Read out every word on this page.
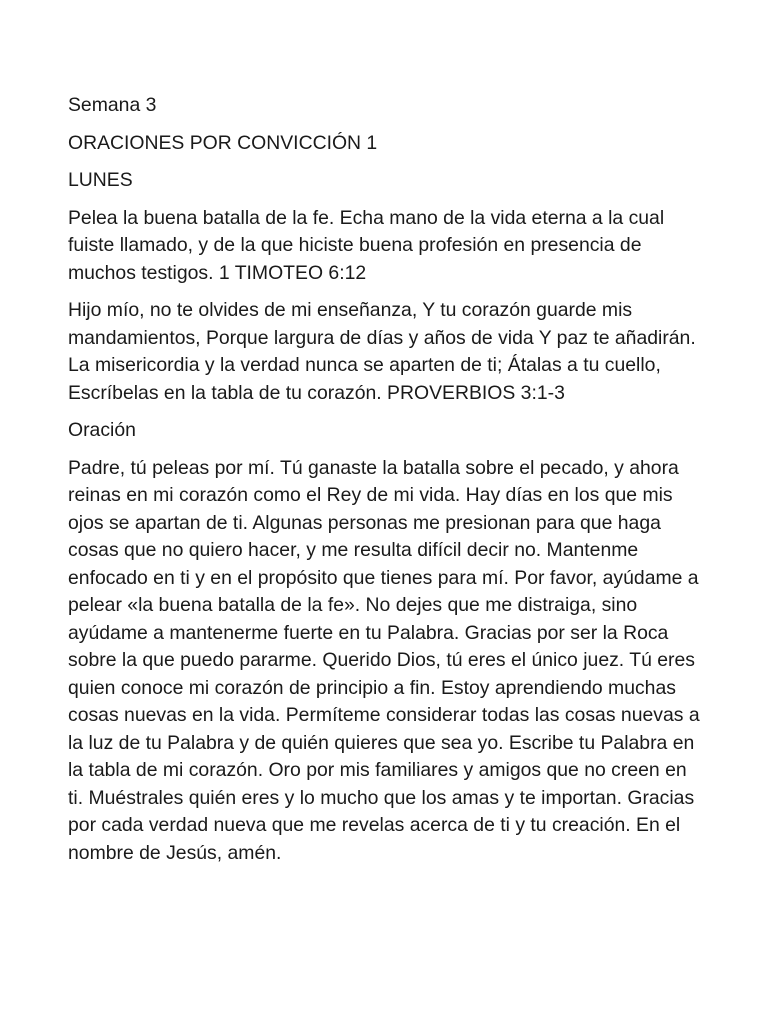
Semana 3

ORACIONES POR CONVICCIÓN 1

LUNES

Pelea la buena batalla de la fe. Echa mano de la vida eterna a la cual fuiste llamado, y de la que hiciste buena profesión en presencia de muchos testigos. 1 TIMOTEO 6:12

Hijo mío, no te olvides de mi enseñanza, Y tu corazón guarde mis mandamientos, Porque largura de días y años de vida Y paz te añadirán. La misericordia y la verdad nunca se aparten de ti; Átalas a tu cuello, Escríbelas en la tabla de tu corazón. PROVERBIOS 3:1-3

Oración

Padre, tú peleas por mí. Tú ganaste la batalla sobre el pecado, y ahora reinas en mi corazón como el Rey de mi vida. Hay días en los que mis ojos se apartan de ti. Algunas personas me presionan para que haga cosas que no quiero hacer, y me resulta difícil decir no. Mantenme enfocado en ti y en el propósito que tienes para mí. Por favor, ayúdame a pelear «la buena batalla de la fe». No dejes que me distraiga, sino ayúdame a mantenerme fuerte en tu Palabra. Gracias por ser la Roca sobre la que puedo pararme. Querido Dios, tú eres el único juez. Tú eres quien conoce mi corazón de principio a fin. Estoy aprendiendo muchas cosas nuevas en la vida. Permíteme considerar todas las cosas nuevas a la luz de tu Palabra y de quién quieres que sea yo. Escribe tu Palabra en la tabla de mi corazón. Oro por mis familiares y amigos que no creen en ti. Muéstrales quién eres y lo mucho que los amas y te importan. Gracias por cada verdad nueva que me revelas acerca de ti y tu creación. En el nombre de Jesús, amén.
